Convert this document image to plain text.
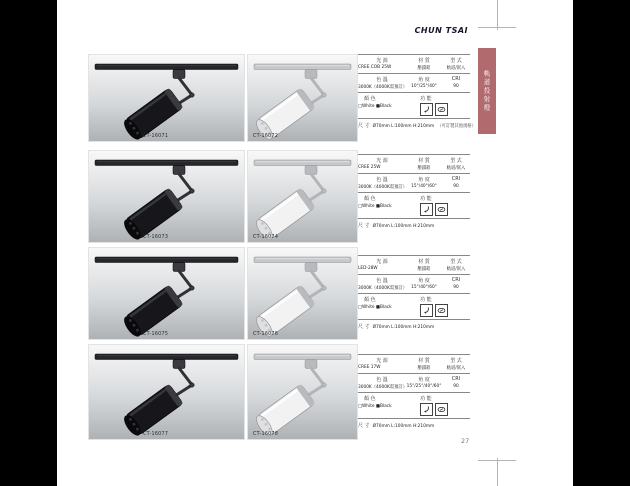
CHUN TSAI
軌道投射燈
27
CT-16071	CT-16072
光 源	材 質	型 式
CREE COB 25W	壓鑄鋁	軌道/嵌入
色 溫	角 度	CRI
3000K（4000K需預訂） 10°/25°/40°	90
顏 色
□White ■Black
功 能
尺 寸 Ø70mm L:100mm H:210mm （可訂製其他規格）
CT-16073	CT-16074
光 源	材 質	型 式
CREE 25W	壓鑄鋁	軌道/嵌入
色 溫	角 度	CRI
3000K（4000K需預訂） 15°/40°/60°	90
顏 色
□White ■Black
功 能
尺 寸 Ø70mm L:100mm H:210mm
CT-16075	CT-16076
光 源	材 質	型 式
LED-28W	壓鑄鋁	軌道/嵌入
色 溫	角 度	CRI
3000K（4000K需預訂） 15°/40°/60°	90
顏 色
□White ■Black
功 能
尺 寸 Ø70mm L:100mm H:210mm
CT-16077	CT-16078
光 源	材 質	型 式
CREE 17W	壓鑄鋁	軌道/嵌入
色 溫	角 度	CRI
3000K（4000K需預訂） 15°/25°/40°/60°	90
顏 色
□White ■Black
功 能
尺 寸 Ø70mm L:100mm H:210mm
